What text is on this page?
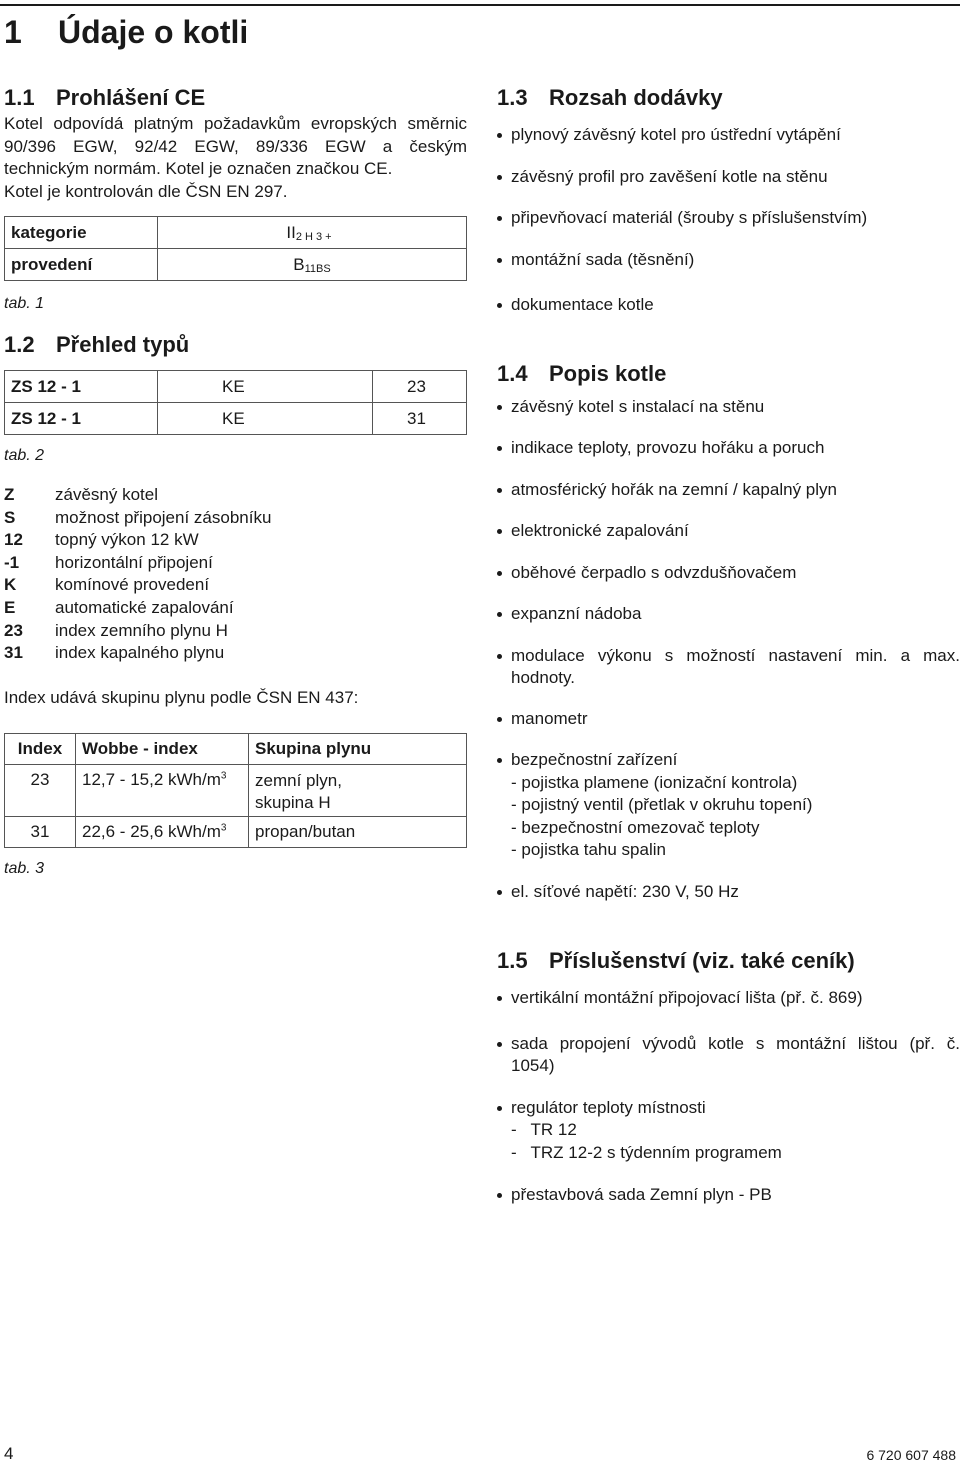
1 Údaje o kotli
1.1 Prohlášení CE

Kotel odpovídá platným požadavkům evropských směrnic 90/396 EGW, 92/42 EGW, 89/336 EGW a českým technickým normám. Kotel je označen značkou CE.

Kotel je kontrolován dle ČSN EN 297.

kategorie	II2 H 3 +
provedení	B11BS

tab. 1

1.2 Přehled typů
ZS 12 - 1	KE	23
ZS 12 - 1	KE	31

tab. 2

Z	závěsný kotel
S	možnost připojení zásobníku
12	topný výkon 12 kW
-1	horizontální připojení
K	komínové provedení
E	automatické zapalování
23	index zemního plynu H
31	index kapalného plynu

Index udává skupinu plynu podle ČSN EN 437:

Index	Wobbe - index	Skupina plynu
23	12,7 - 15,2 kWh/$m^3$	zemní plyn,
skupina H

31	22,6 - 25,6 kWh/$m^3$	propan/butan

tab. 3

1.3 Rozsah dodávky
plynový závěsný kotel pro ústřední vytápění
závěsný profil pro zavěšení kotle na stěnu
připevňovací materiál (šrouby s příslušenstvím)
montážní sada (těsnění)
dokumentace kotle
1.4 Popis kotle
závěsný kotel s instalací na stěnu
indikace teploty, provozu hořáku a poruch
atmosférický hořák na zemní / kapalný plyn
elektronické zapalování
oběhové čerpadlo s odvzdušňovačem
expanzní nádoba
modulace výkonu s možností nastavení min. a max. hodnoty.
manometr
bezpečnostní zařízení
- pojistka plamene (ionizační kontrola)
- pojistný ventil (přetlak v okruhu topení)
- bezpečnostní omezovač teploty
- pojistka tahu spalin
el. síťové napětí: 230 V, 50 Hz
1.5 Příslušenství (viz. také ceník)
vertikální montážní připojovací lišta (př. č. 869)
sada propojení vývodů kotle s montážní lištou (př. č. 1054)
regulátor teploty místnosti
-   TR 12
-   TRZ 12-2 s týdenním programem
přestavbová sada Zemní plyn - PB
4	6 720 607 488
